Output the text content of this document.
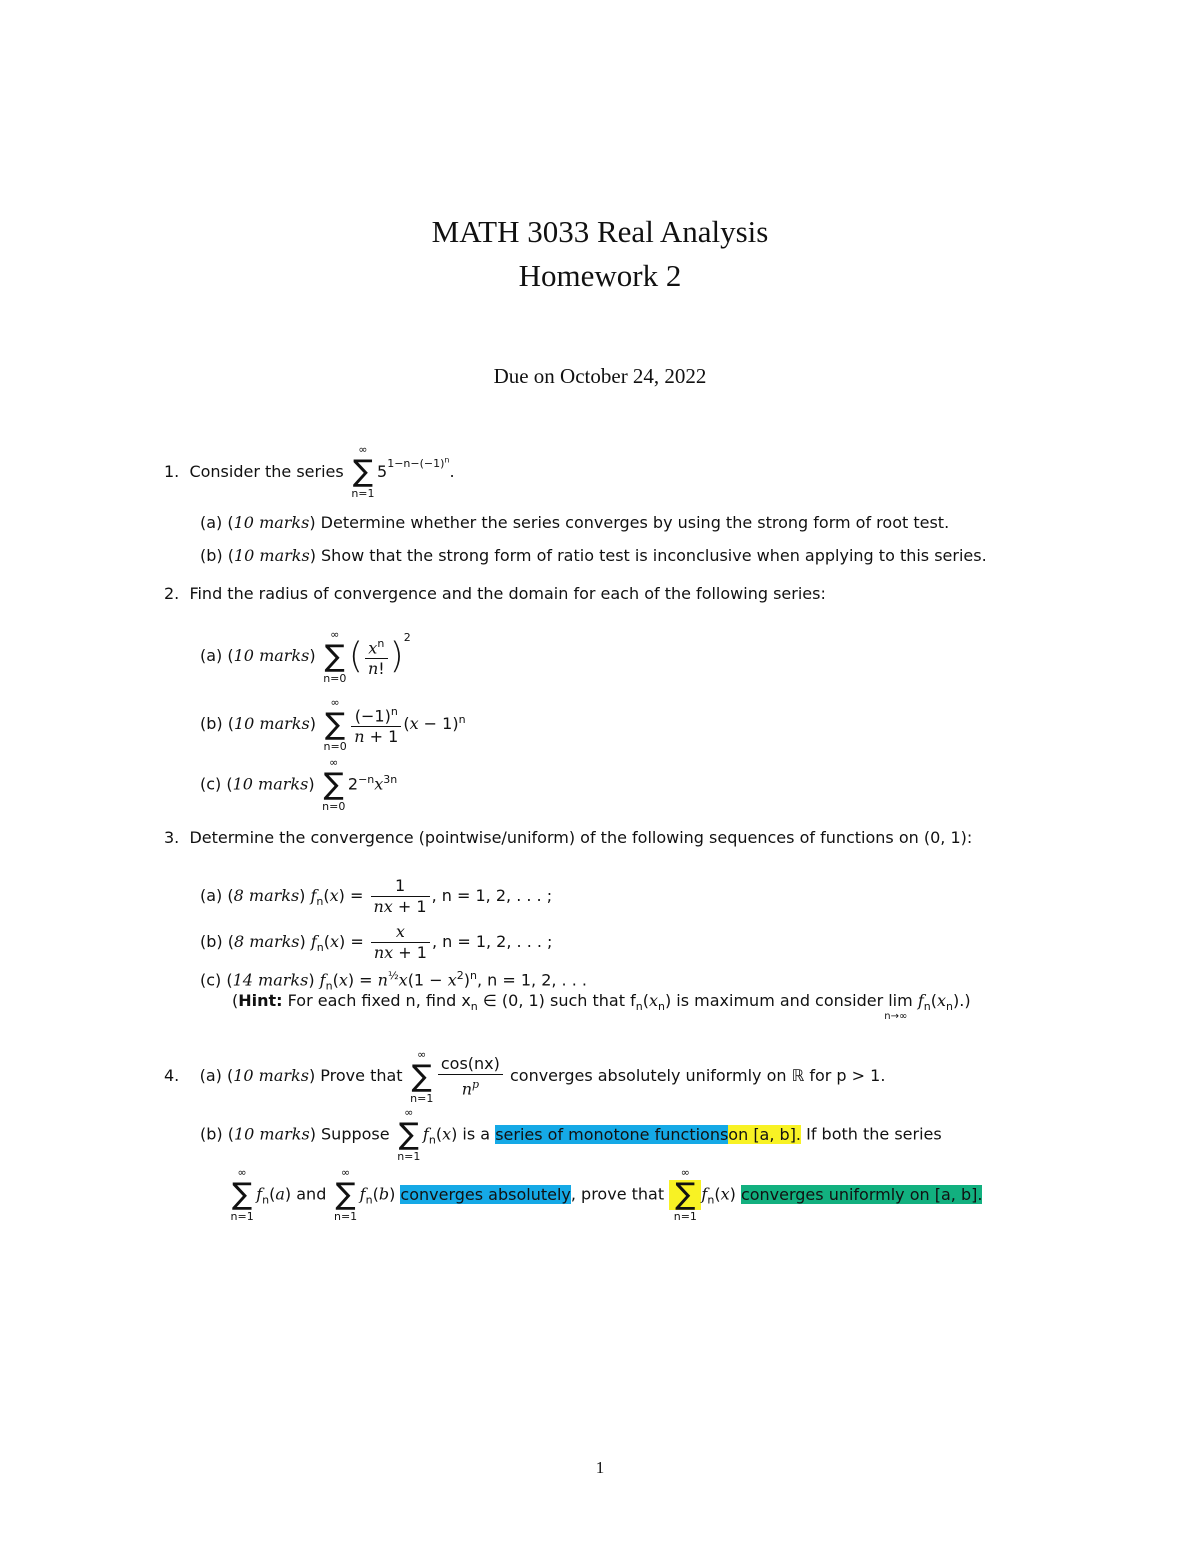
MATH 3033 Real Analysis
Homework 2
Due on October 24, 2022
1. Consider the series
∞
∑
n=1
$5^{1-n-(-1)^n}$.
(a) (10 marks) Determine whether the series converges by using the strong form of root test.
(b) (10 marks) Show that the strong form of ratio test is inconclusive when applying to this series.
2. Find the radius of convergence and the domain for each of the following series:
(a) (10 marks)
∞
∑
n=0
( $\frac{x^n}{n!} )^2$
(b) (10 marks)
∞
∑
$n=0 \frac{(-1)^n}{n + 1} (x - 1)^n$
(c) (10 marks)
∞
∑
n=0
$2^{-n}x^{3n}$
3. Determine the convergence (pointwise/uniform) of the following sequences of functions on (0, 1):
(a) (8 marks) $f_n(x) = \frac{1}{nx + 1}$ , n = 1, 2, . . . ;
(b) (8 marks) $f_n(x) = \frac{x}{nx + 1}$ , n = 1, 2, . . . ;
(c) (14 marks) $f_n(x) = n^{\frac{1}{2}}x(1 - x^2)^n$, n = 1, 2, . . .
(Hint: For each fixed n, find $x_n$ ∈ (0, 1) such that $f_n(x_n)$ is maximum and consider lim
n→∞
$f_n(x_n)$.)
4. (a) (10 marks) Prove that
∞
∑
$n=1 \frac{\cos(nx)}{n^p}$ converges absolutely uniformly on ℝ for p > 1.
(b) (10 marks) Suppose
∞
∑
n=1
$f_n(x)$ is a series of monotone functionson [a, b]. If both the series
∞
∑
n=1
$f_n(a)$ and
∞
∑
n=1
$f_n(b)$ converges absolutely, prove that
∞
∑
n=1
$f_n(x)$ converges uniformly on [a, b].
1
